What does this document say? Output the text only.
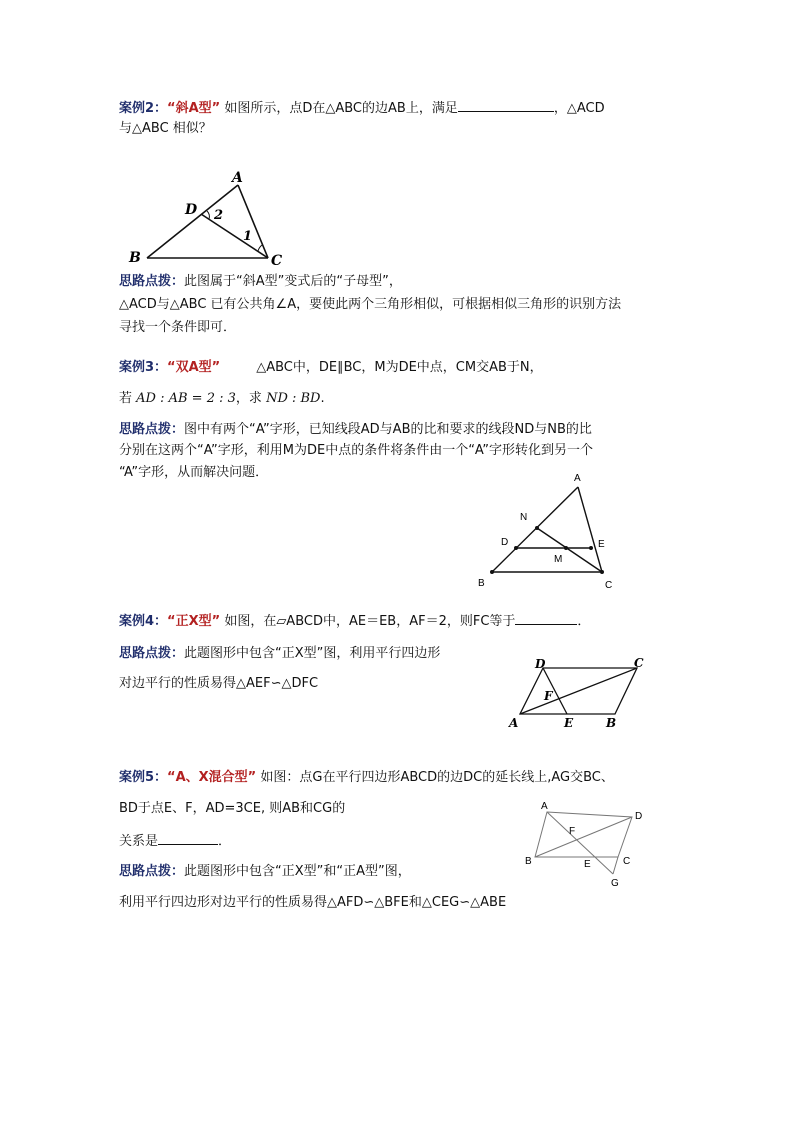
案例2：“斜A型” 如图所示，点D在△ABC的边AB上，满足	，△ACD
与△ABC 相似？
A
D
B	C
2
1
思路点拨：此图属于“斜A型”变式后的“子母型”，
△ACD与△ABC 已有公共角∠A，要使此两个三角形相似，可根据相似三角形的识别方法
寻找一个条件即可．
案例3：“双A型”	△ABC中，DE∥BC，M为DE中点，CM交AB于N，
若 AD : AB = 2 : 3，求 ND : BD.
思路点拨：图中有两个“A”字形，已知线段AD与AB的比和要求的线段ND与NB的比
分别在这两个“A”字形，利用M为DE中点的条件将条件由一个“A”字形转化到另一个
“A”字形，从而解决问题．	A
N
D	E
M
B	C
案例4：“正X型” 如图，在▱ABCD中，AE＝EB，AF＝2，则FC等于	．
思路点拨：此题图形中包含“正X型”图，利用平行四边形
对边平行的性质易得△AEF∽△DFC
D	C
F
A	E	B
案例5：“A、X混合型” 如图：点G在平行四边形ABCD的边DC的延长线上,AG交BC、
BD于点E、F，AD=3CE, 则AB和CG的
关系是	．
思路点拨：此题图形中包含“正X型”和“正A型”图，
利用平行四边形对边平行的性质易得△AFD∽△BFE和△CEG∽△ABE
A
D
F
B	E	C
G
